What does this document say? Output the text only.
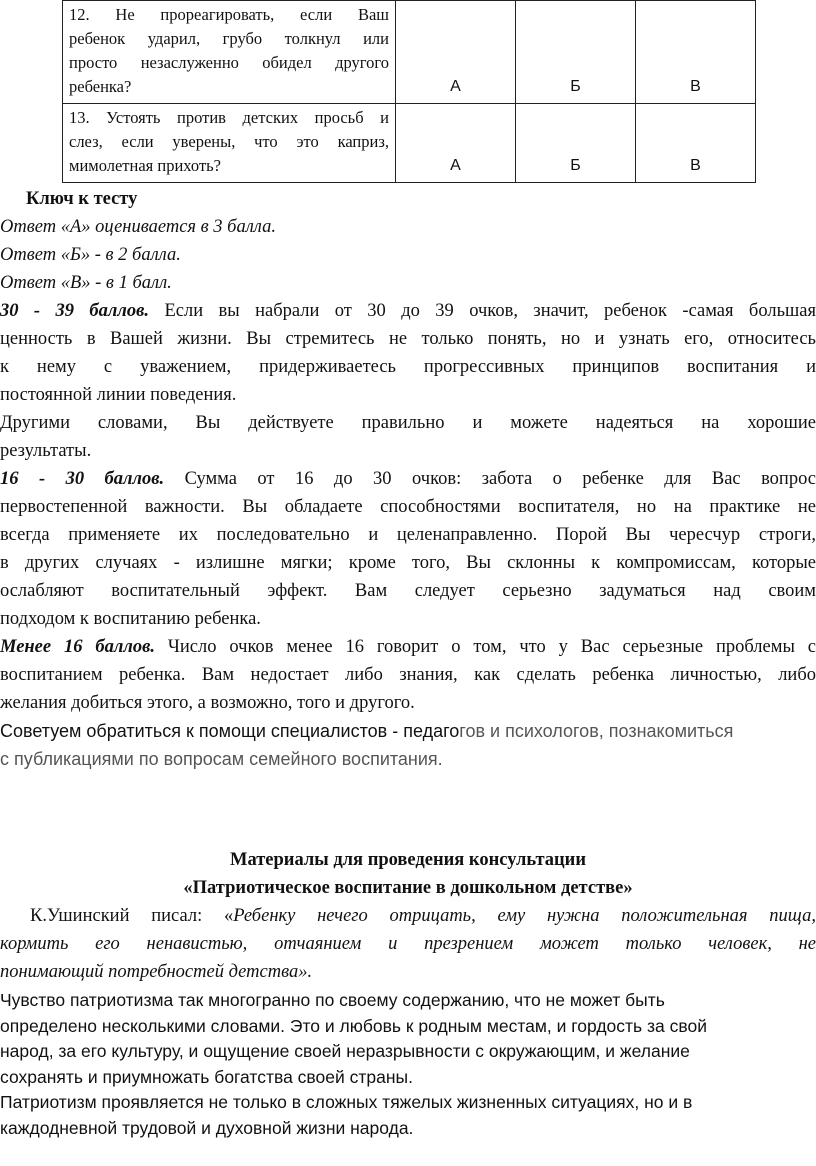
12. Не прореагировать, если Ваш
ребенок ударил, грубо толкнул или
просто незаслуженно обидел другого
ребенка?	А	Б	В

13. Устоять против детских просьб и
слез, если уверены, что это каприз,
мимолетная прихоть?	А	Б	В
Ключ к тесту
Ответ «А» оценивается в 3 балла.
Ответ «Б» - в 2 балла.
Ответ «В» - в 1 балл.
30 - 39 баллов. Если вы набрали от 30 до 39 очков, значит, ребенок -самая большая
ценность в Вашей жизни. Вы стремитесь не только понять, но и узнать его, относитесь
к нему с уважением, придерживаетесь прогрессивных принципов воспитания и
постоянной линии поведения.
Другими словами, Вы действуете правильно и можете надеяться на хорошие
результаты.
16 - 30 баллов. Сумма от 16 до 30 очков: забота о ребенке для Вас вопрос
первостепенной важности. Вы обладаете способностями воспитателя, но на практике не
всегда применяете их последовательно и целенаправленно. Порой Вы чересчур строги,
в других случаях - излишне мягки; кроме того, Вы склонны к компромиссам, которые
ослабляют воспитательный эффект. Вам следует серьезно задуматься над своим
подходом к воспитанию ребенка.
Менее 16 баллов. Число очков менее 16 говорит о том, что у Вас серьезные проблемы с
воспитанием ребенка. Вам недостает либо знания, как сделать ребенка личностью, либо
желания добиться этого, а возможно, того и другого.
Советуем обратиться к помощи специалистов - педагогов и психологов, познакомиться
с публикациями по вопросам семейного воспитания.
Материалы для проведения консультации
«Патриотическое воспитание в дошкольном детстве»
К.Ушинский писал: «Ребенку нечего отрицать, ему нужна положительная пища,
кормить его ненавистью, отчаянием и презрением может только человек, не
понимающий потребностей детства».
Чувство патриотизма так многогранно по своему содержанию, что не может быть
определено несколькими словами. Это и любовь к родным местам, и гордость за свой
народ, за его культуру, и ощущение своей неразрывности с окружающим, и желание
сохранять и приумножать богатства своей страны.
Патриотизм проявляется не только в сложных тяжелых жизненных ситуациях, но и в
каждодневной трудовой и духовной жизни народа.
